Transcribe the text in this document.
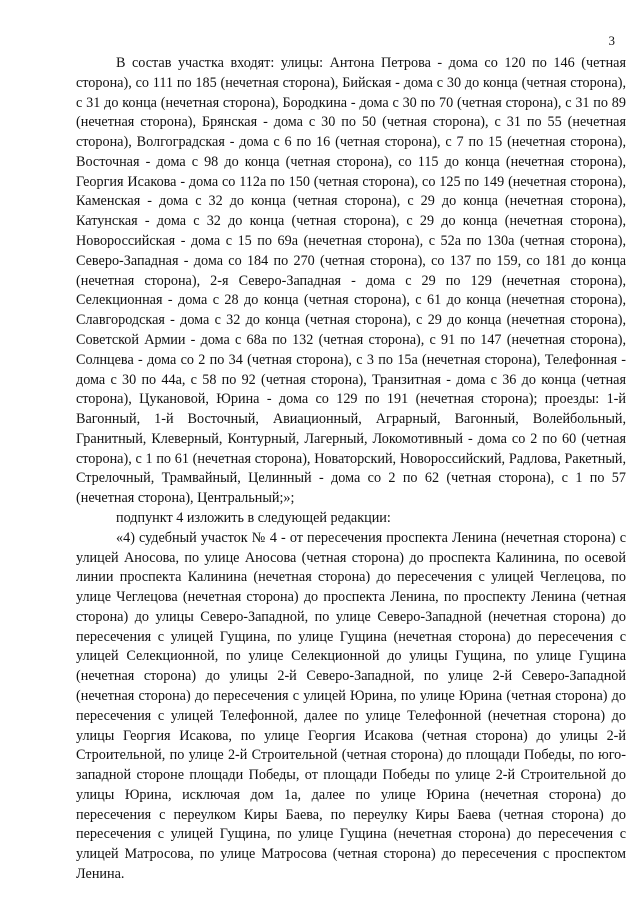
3

В состав участка входят: улицы: Антона Петрова - дома со 120 по 146 (четная сторона), со 111 по 185 (нечетная сторона), Бийская - дома с 30 до конца (четная сторона), с 31 до конца (нечетная сторона), Бородкина - дома с 30 по 70 (четная сторона), с 31 по 89 (нечетная сторона), Брянская - дома с 30 по 50 (четная сторона), с 31 по 55 (нечетная сторона), Волгоградская - дома с 6 по 16 (четная сторона), с 7 по 15 (нечетная сторона), Восточная - дома с 98 до конца (четная сторона), со 115 до конца (нечетная сторона), Георгия Исакова - дома со 112а по 150 (четная сторона), со 125 по 149 (нечетная сторона), Каменская - дома с 32 до конца (четная сторона), с 29 до конца (нечетная сторона), Катунская - дома с 32 до конца (четная сторона), с 29 до конца (нечетная сторона), Новороссийская - дома с 15 по 69а (нечетная сторона), с 52а по 130а (четная сторона), Северо-Западная - дома со 184 по 270 (четная сторона), со 137 по 159, со 181 до конца (нечетная сторона), 2-я Северо-Западная - дома с 29 по 129 (нечетная сторона), Селекционная - дома с 28 до конца (четная сторона), с 61 до конца (нечетная сторона), Славгородская - дома с 32 до конца (четная сторона), с 29 до конца (нечетная сторона), Советской Армии - дома с 68а по 132 (четная сторона), с 91 по 147 (нечетная сторона), Солнцева - дома со 2 по 34 (четная сторона), с 3 по 15а (нечетная сторона), Телефонная - дома с 30 по 44а, с 58 по 92 (четная сторона), Транзитная - дома с 36 до конца (четная сторона), Цукановой, Юрина - дома со 129 по 191 (нечетная сторона); проезды: 1-й Вагонный, 1-й Восточный, Авиационный, Аграрный, Вагонный, Волейбольный, Гранитный, Клеверный, Контурный, Лагерный, Локомотивный - дома со 2 по 60 (четная сторона), с 1 по 61 (нечетная сторона), Новаторский, Новороссийский, Радлова, Ракетный, Стрелочный, Трамвайный, Целинный - дома со 2 по 62 (четная сторона), с 1 по 57 (нечетная сторона), Центральный;»;

подпункт 4 изложить в следующей редакции:

«4) судебный участок № 4 - от пересечения проспекта Ленина (нечетная сторона) с улицей Аносова, по улице Аносова (четная сторона) до проспекта Калинина, по осевой линии проспекта Калинина (нечетная сторона) до пересечения с улицей Чеглецова, по улице Чеглецова (нечетная сторона) до проспекта Ленина, по проспекту Ленина (четная сторона) до улицы Северо-Западной, по улице Северо-Западной (нечетная сторона) до пересечения с улицей Гущина, по улице Гущина (нечетная сторона) до пересечения с улицей Селекционной, по улице Селекционной до улицы Гущина, по улице Гущина (нечетная сторона) до улицы 2-й Северо-Западной, по улице 2-й Северо-Западной (нечетная сторона) до пересечения с улицей Юрина, по улице Юрина (четная сторона) до пересечения с улицей Телефонной, далее по улице Телефонной (нечетная сторона) до улицы Георгия Исакова, по улице Георгия Исакова (четная сторона) до улицы 2-й Строительной, по улице 2-й Строительной (четная сторона) до площади Победы, по юго-западной стороне площади Победы, от площади Победы по улице 2-й Строительной до улицы Юрина, исключая дом 1а, далее по улице Юрина (нечетная сторона) до пересечения с переулком Киры Баева, по переулку Киры Баева (четная сторона) до пересечения с улицей Гущина, по улице Гущина (нечетная сторона) до пересечения с улицей Матросова, по улице Матросова (четная сторона) до пересечения с проспектом Ленина.
